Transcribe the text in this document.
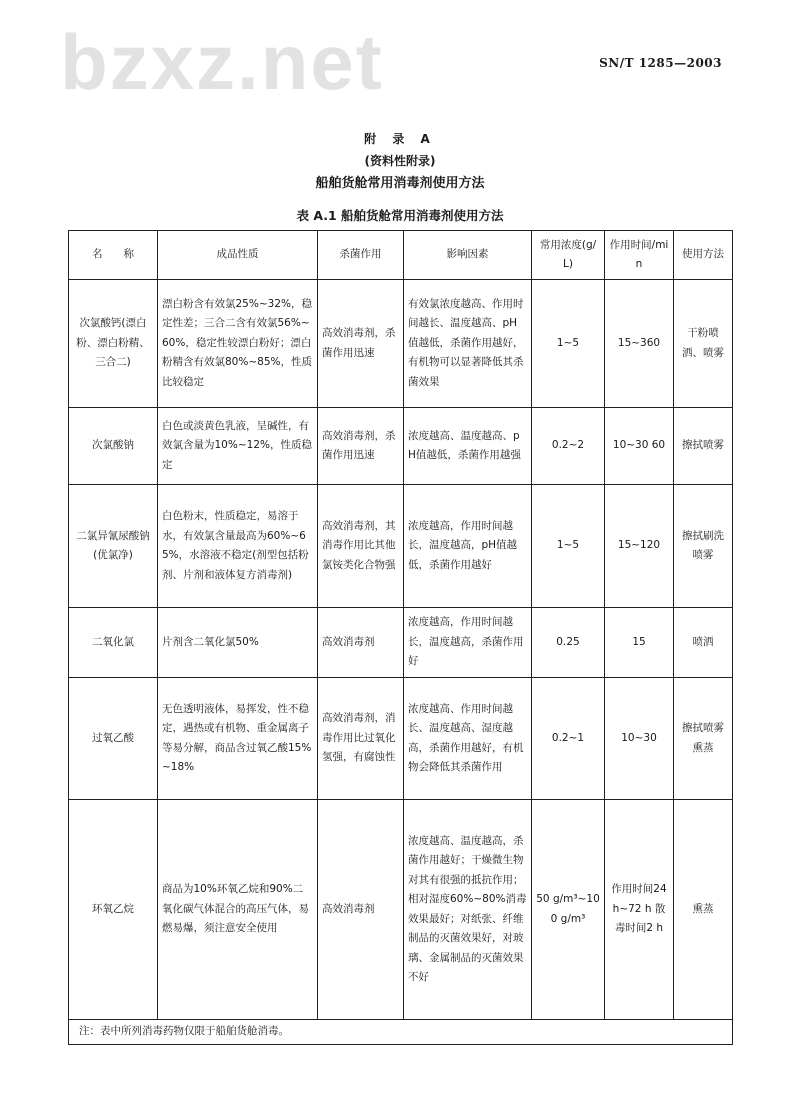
SN/T 1285—2003
bzxz.net
附 录 A
(资料性附录)
船舶货舱常用消毒剂使用方法
表 A.1 船舶货舱常用消毒剂使用方法
名　　称	成品性质	杀菌作用	影响因素	常用浓度(g/L)	作用时间/min	使用方法
次氯酸钙(漂白粉、漂白粉精、三合二)	漂白粉含有效氯25%~32%，稳定性差；三合二含有效氯56%~60%，稳定性较漂白粉好；漂白粉精含有效氯80%~85%，性质比较稳定	高效消毒剂，杀菌作用迅速	有效氯浓度越高、作用时间越长、温度越高、pH值越低，杀菌作用越好，有机物可以显著降低其杀菌效果	1~5	15~360	干粉喷洒、喷雾
次氯酸钠	白色或淡黄色乳液，呈碱性，有效氯含量为10%~12%，性质稳定	高效消毒剂，杀菌作用迅速	浓度越高、温度越高、pH值越低，杀菌作用越强	0.2~2	10~30 60	擦拭喷雾
二氯异氰尿酸钠(优氯净)	白色粉末，性质稳定，易溶于水，有效氯含量最高为60%~65%，水溶液不稳定(剂型包括粉剂、片剂和液体复方消毒剂)	高效消毒剂，其消毒作用比其他氯铵类化合物强	浓度越高，作用时间越长，温度越高，pH值越低，杀菌作用越好	1~5	15~120	擦拭刷洗喷雾
二氧化氯	片剂含二氧化氯50%	高效消毒剂	浓度越高，作用时间越长，温度越高，杀菌作用好	0.25	15	喷洒
过氧乙酸	无色透明液体，易挥发，性不稳定，遇热或有机物、重金属离子等易分解，商品含过氧乙酸15%~18%	高效消毒剂，消毒作用比过氧化氢强，有腐蚀性	浓度越高、作用时间越长、温度越高、湿度越高，杀菌作用越好，有机物会降低其杀菌作用	0.2~1	10~30	擦拭喷雾熏蒸
环氧乙烷	商品为10%环氧乙烷和90%二氧化碳气体混合的高压气体，易燃易爆，须注意安全使用	高效消毒剂	浓度越高、温度越高，杀菌作用越好；干燥微生物对其有很强的抵抗作用；相对湿度60%~80%消毒效果最好；对纸张、纤维制品的灭菌效果好，对玻璃、金属制品的灭菌效果不好	50 g/m³~100 g/m³	作用时间24 h~72 h 散毒时间2 h	熏蒸
注：表中所列消毒药物仅限于船舶货舱消毒。						
